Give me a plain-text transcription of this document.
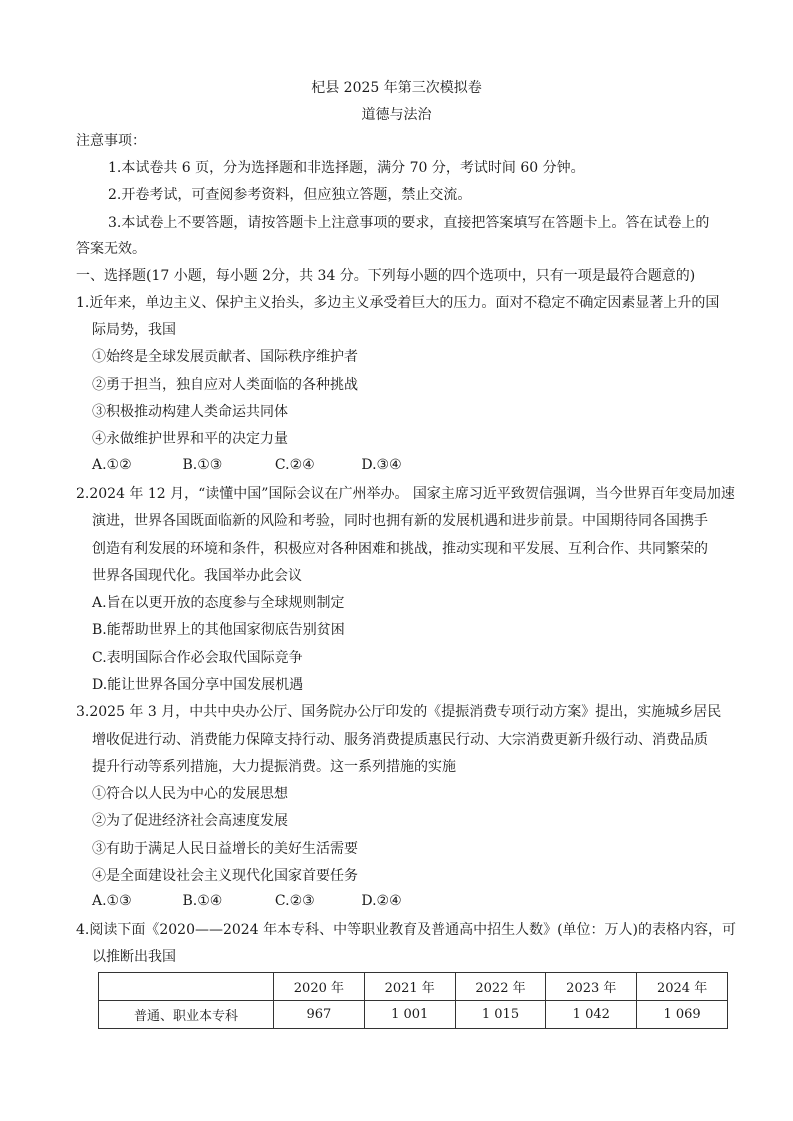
杞县 2025 年第三次模拟卷
道德与法治
注意事项：
1.本试卷共 6 页，分为选择题和非选择题，满分 70 分，考试时间 60 分钟。
2.开卷考试，可查阅参考资料，但应独立答题，禁止交流。
3.本试卷上不要答题，请按答题卡上注意事项的要求，直接把答案填写在答题卡上。答在试卷上的
答案无效。
一、选择题(17 小题，每小题 2分，共 34 分。下列每小题的四个选项中，只有一项是最符合题意的)
1.近年来，单边主义、保护主义抬头，多边主义承受着巨大的压力。面对不稳定不确定因素显著上升的国
际局势，我国
①始终是全球发展贡献者、国际秩序维护者
②勇于担当，独自应对人类面临的各种挑战
③积极推动构建人类命运共同体
④永做维护世界和平的决定力量
A.①②	B.①③	C.②④	D.③④
2.2024 年 12 月，“读懂中国”国际会议在广州举办。 国家主席习近平致贺信强调，当今世界百年变局加速
演进，世界各国既面临新的风险和考验，同时也拥有新的发展机遇和进步前景。中国期待同各国携手
创造有利发展的环境和条件，积极应对各种困难和挑战，推动实现和平发展、互利合作、共同繁荣的
世界各国现代化。我国举办此会议
A.旨在以更开放的态度参与全球规则制定
B.能帮助世界上的其他国家彻底告别贫困
C.表明国际合作必会取代国际竞争
D.能让世界各国分享中国发展机遇
3.2025 年 3 月，中共中央办公厅、国务院办公厅印发的《提振消费专项行动方案》提出，实施城乡居民
增收促进行动、消费能力保障支持行动、服务消费提质惠民行动、大宗消费更新升级行动、消费品质
提升行动等系列措施，大力提振消费。这一系列措施的实施
①符合以人民为中心的发展思想
②为了促进经济社会高速度发展
③有助于满足人民日益增长的美好生活需要
④是全面建设社会主义现代化国家首要任务
A.①③	B.①④	C.②③	D.②④
4.阅读下面《2020——2024 年本专科、中等职业教育及普通高中招生人数》(单位：万人)的表格内容，可
以推断出我国
	2020 年	2021 年	2022 年	2023 年	2024 年
普通、职业本专科	967	1 001	1 015	1 042	1 069
